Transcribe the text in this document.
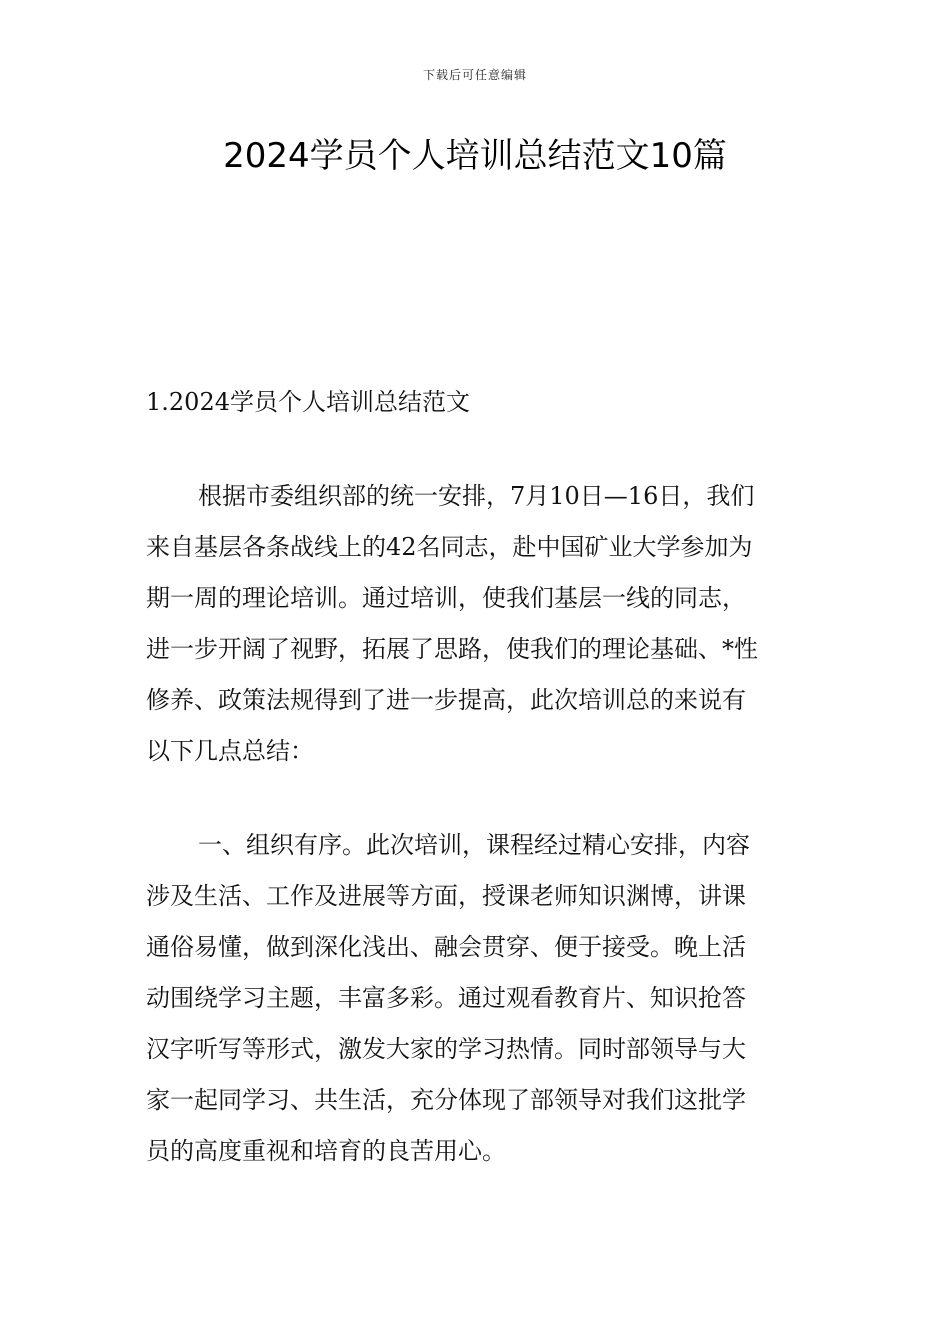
下载后可任意编辑
2024学员个人培训总结范文10篇
1.2024学员个人培训总结范文

根据市委组织部的统一安排，7月10日—16日，我们
来自基层各条战线上的42名同志，赴中国矿业大学参加为
期一周的理论培训。通过培训，使我们基层一线的同志，
进一步开阔了视野，拓展了思路，使我们的理论基础、*性
修养、政策法规得到了进一步提高，此次培训总的来说有
以下几点总结：

一、组织有序。此次培训，课程经过精心安排，内容
涉及生活、工作及进展等方面，授课老师知识渊博，讲课
通俗易懂，做到深化浅出、融会贯穿、便于接受。晚上活
动围绕学习主题，丰富多彩。通过观看教育片、知识抢答
汉字听写等形式，激发大家的学习热情。同时部领导与大
家一起同学习、共生活，充分体现了部领导对我们这批学
员的高度重视和培育的良苦用心。
